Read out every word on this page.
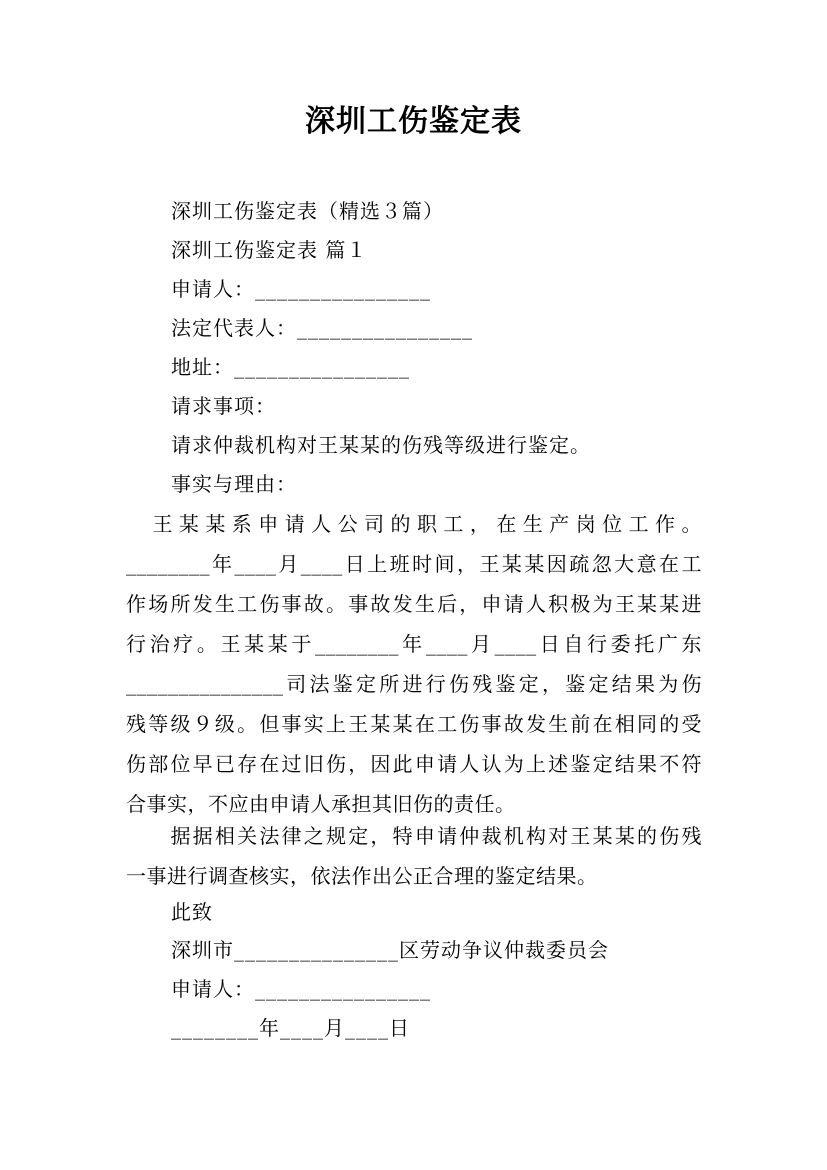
深圳工伤鉴定表
深圳工伤鉴定表（精选３篇）
深圳工伤鉴定表 篇１
申请人：________________
法定代表人：________________
地址：________________
请求事项：
请求仲裁机构对王某某的伤残等级进行鉴定。
事实与理由：
　王某某系申请人公司的职工，在生产岗位工作。
________年____月____日上班时间，王某某因疏忽大意在工
作场所发生工伤事故。事故发生后，申请人积极为王某某进
行治疗。王某某于________年____月____日自行委托广东
_______________司法鉴定所进行伤残鉴定，鉴定结果为伤
残等级９级。但事实上王某某在工伤事故发生前在相同的受
伤部位早已存在过旧伤，因此申请人认为上述鉴定结果不符
合事实，不应由申请人承担其旧伤的责任。
　　据据相关法律之规定，特申请仲裁机构对王某某的伤残
一事进行调查核实，依法作出公正合理的鉴定结果。
此致
深圳市_______________区劳动争议仲裁委员会
申请人：________________
________年____月____日
